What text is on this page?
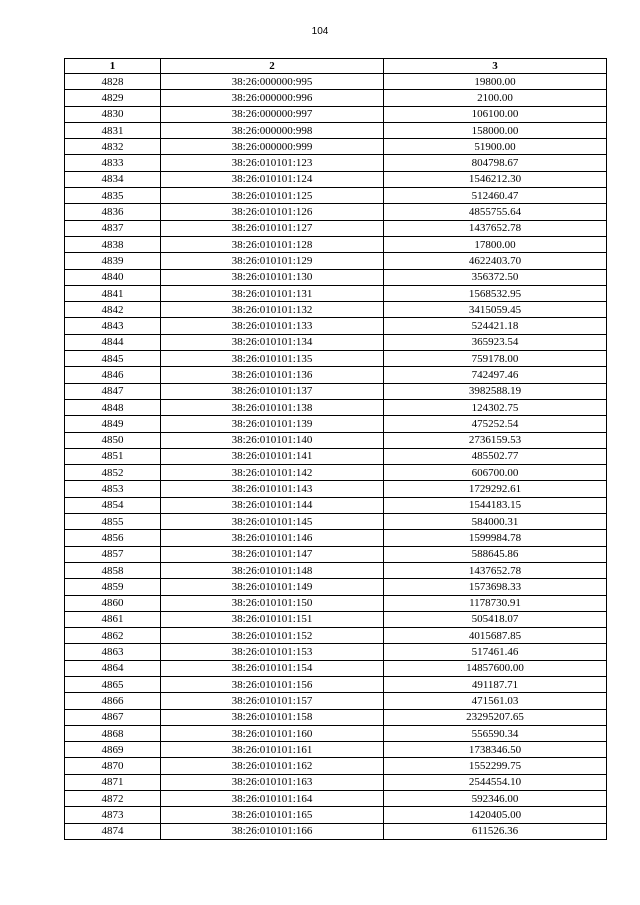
104
1	2	3
4828	38:26:000000:995	19800.00
4829	38:26:000000:996	2100.00
4830	38:26:000000:997	106100.00
4831	38:26:000000:998	158000.00
4832	38:26:000000:999	51900.00
4833	38:26:010101:123	804798.67
4834	38:26:010101:124	1546212.30
4835	38:26:010101:125	512460.47
4836	38:26:010101:126	4855755.64
4837	38:26:010101:127	1437652.78
4838	38:26:010101:128	17800.00
4839	38:26:010101:129	4622403.70
4840	38:26:010101:130	356372.50
4841	38:26:010101:131	1568532.95
4842	38:26:010101:132	3415059.45
4843	38:26:010101:133	524421.18
4844	38:26:010101:134	365923.54
4845	38:26:010101:135	759178.00
4846	38:26:010101:136	742497.46
4847	38:26:010101:137	3982588.19
4848	38:26:010101:138	124302.75
4849	38:26:010101:139	475252.54
4850	38:26:010101:140	2736159.53
4851	38:26:010101:141	485502.77
4852	38:26:010101:142	606700.00
4853	38:26:010101:143	1729292.61
4854	38:26:010101:144	1544183.15
4855	38:26:010101:145	584000.31
4856	38:26:010101:146	1599984.78
4857	38:26:010101:147	588645.86
4858	38:26:010101:148	1437652.78
4859	38:26:010101:149	1573698.33
4860	38:26:010101:150	1178730.91
4861	38:26:010101:151	505418.07
4862	38:26:010101:152	4015687.85
4863	38:26:010101:153	517461.46
4864	38:26:010101:154	14857600.00
4865	38:26:010101:156	491187.71
4866	38:26:010101:157	471561.03
4867	38:26:010101:158	23295207.65
4868	38:26:010101:160	556590.34
4869	38:26:010101:161	1738346.50
4870	38:26:010101:162	1552299.75
4871	38:26:010101:163	2544554.10
4872	38:26:010101:164	592346.00
4873	38:26:010101:165	1420405.00
4874	38:26:010101:166	611526.36
